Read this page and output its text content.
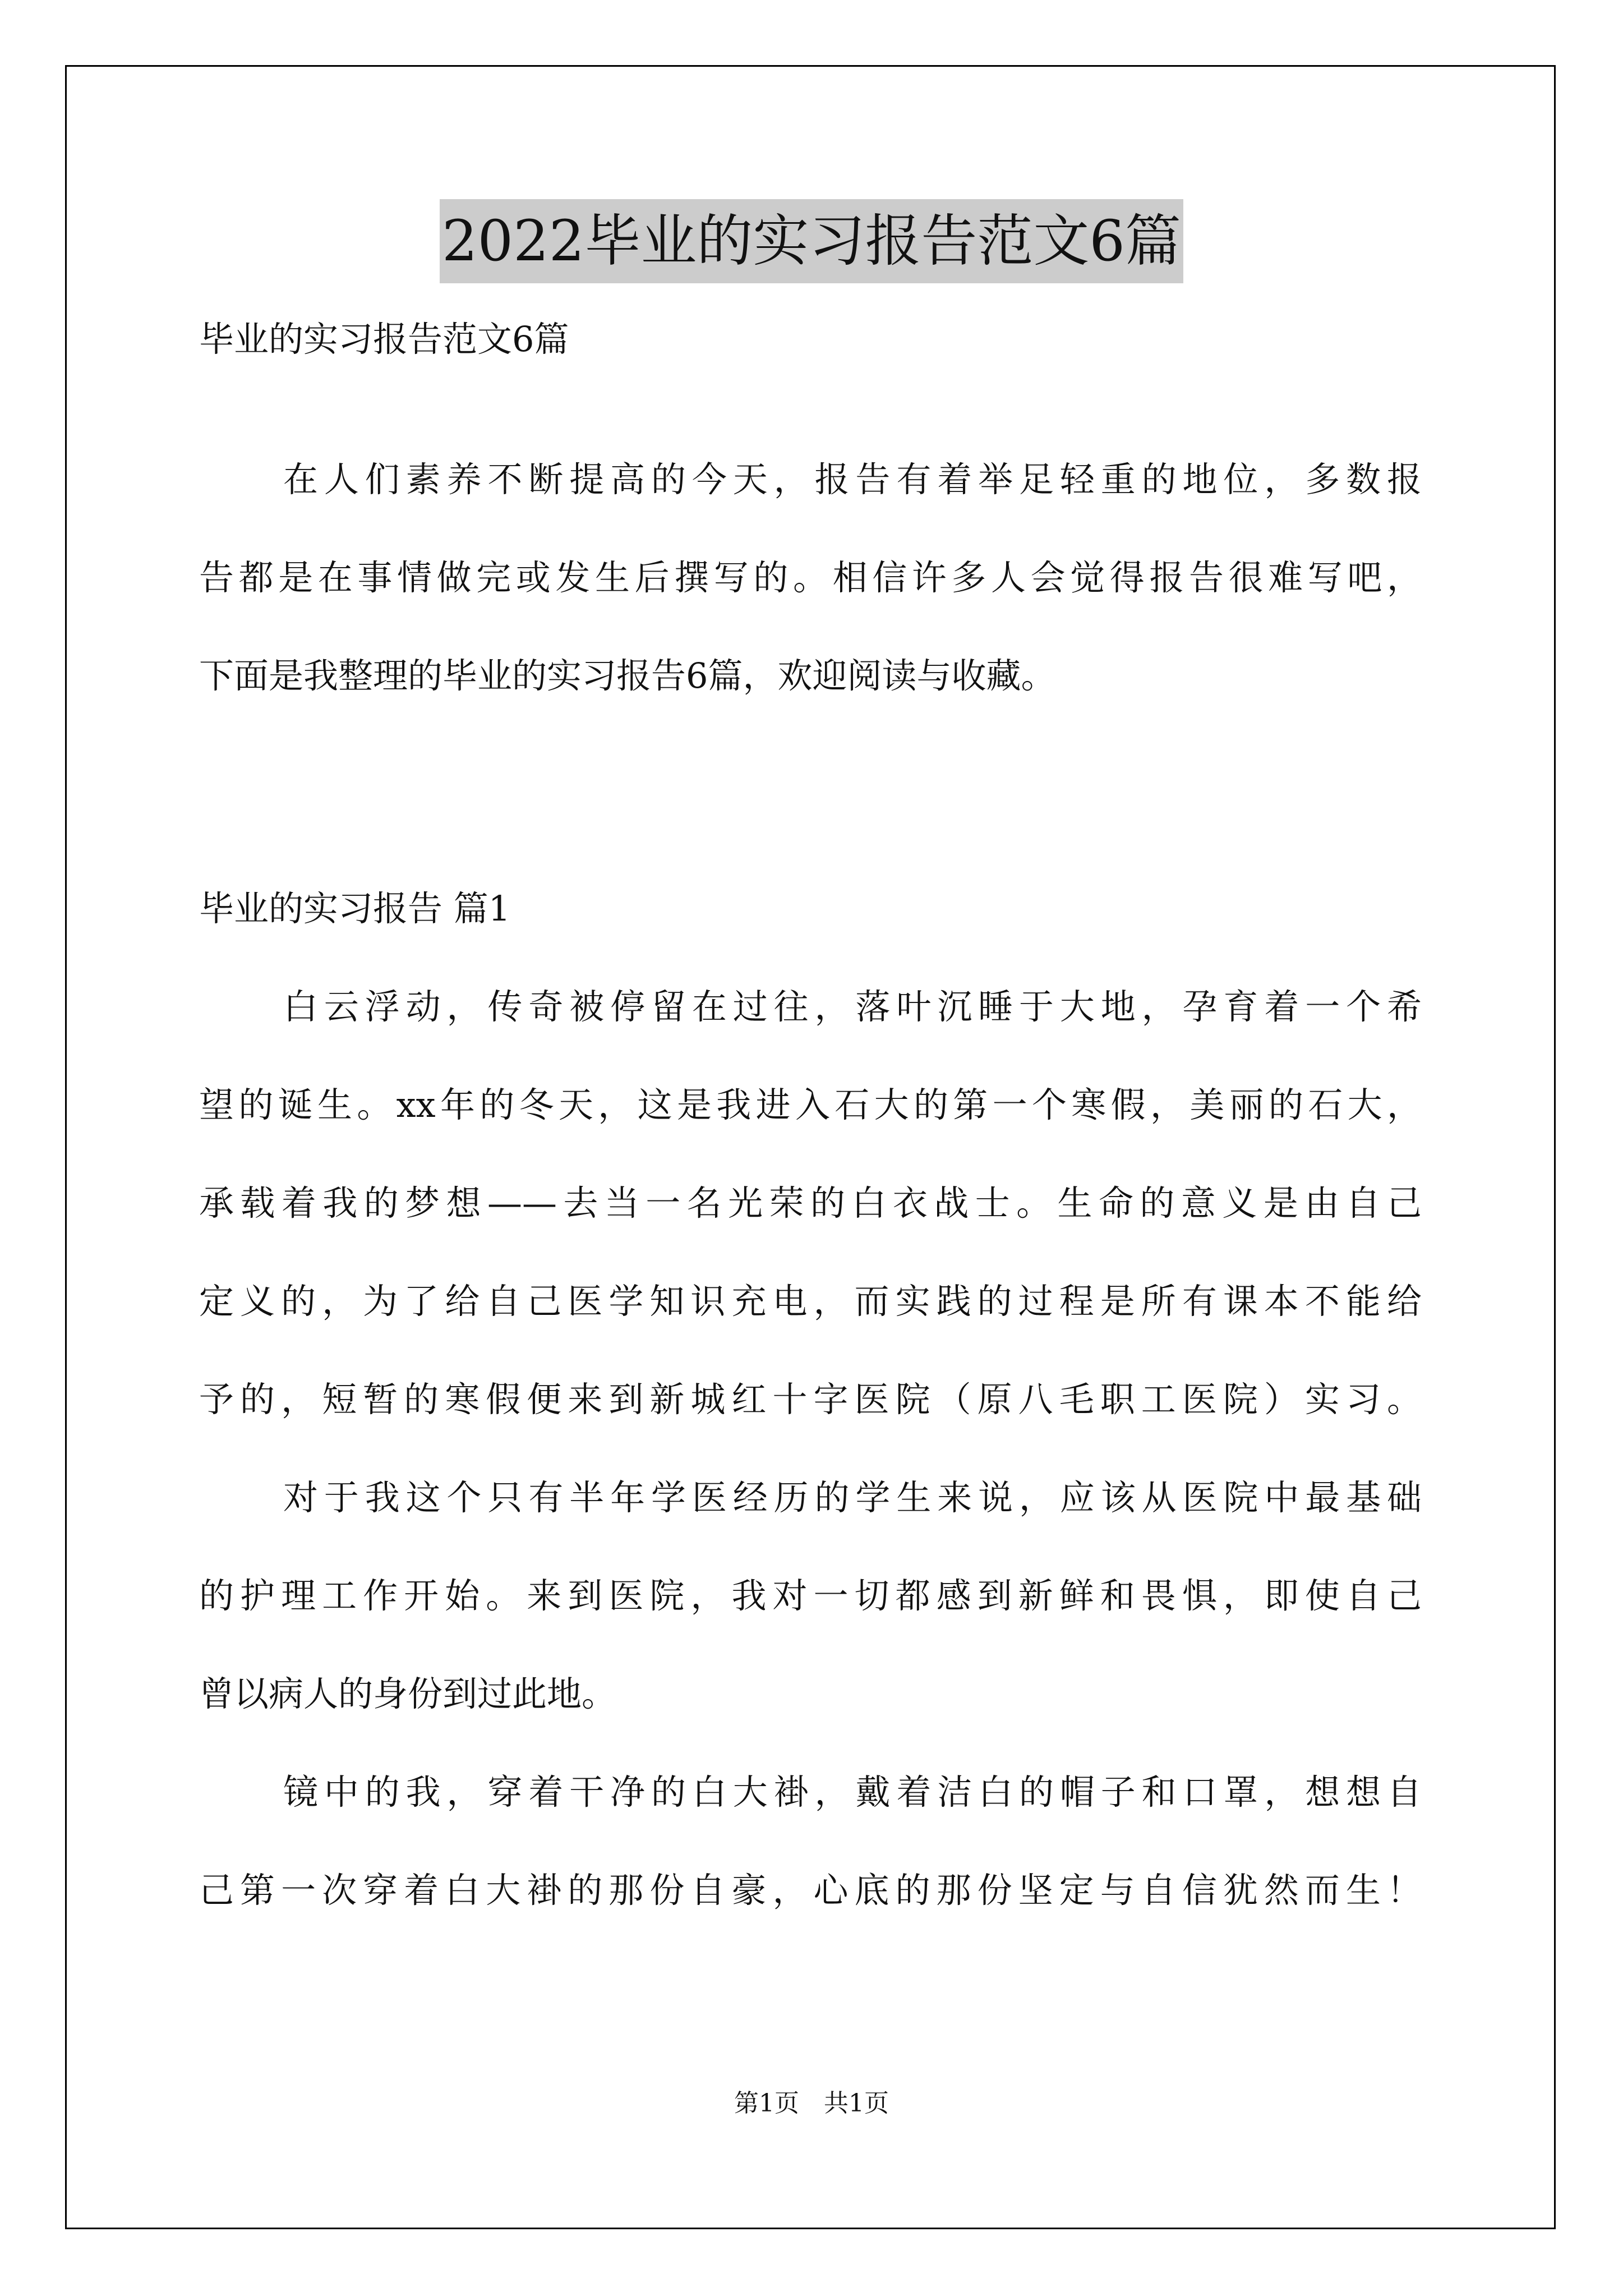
2022毕业的实习报告范文6篇
毕业的实习报告范文6篇
在人们素养不断提高的今天，报告有着举足轻重的地位，多数报
告都是在事情做完或发生后撰写的。相信许多人会觉得报告很难写吧，
下面是我整理的毕业的实习报告6篇，欢迎阅读与收藏。
毕业的实习报告 篇1
白云浮动，传奇被停留在过往，落叶沉睡于大地，孕育着一个希
望的诞生。xx年的冬天，这是我进入石大的第一个寒假，美丽的石大，
承载着我的梦想——去当一名光荣的白衣战士。生命的意义是由自己
定义的，为了给自己医学知识充电，而实践的过程是所有课本不能给
予的，短暂的寒假便来到新城红十字医院（原八毛职工医院）实习。
对于我这个只有半年学医经历的学生来说，应该从医院中最基础
的护理工作开始。来到医院，我对一切都感到新鲜和畏惧，即使自己
曾以病人的身份到过此地。
镜中的我，穿着干净的白大褂，戴着洁白的帽子和口罩，想想自
己第一次穿着白大褂的那份自豪，心底的那份坚定与自信犹然而生！
第1页　共1页
